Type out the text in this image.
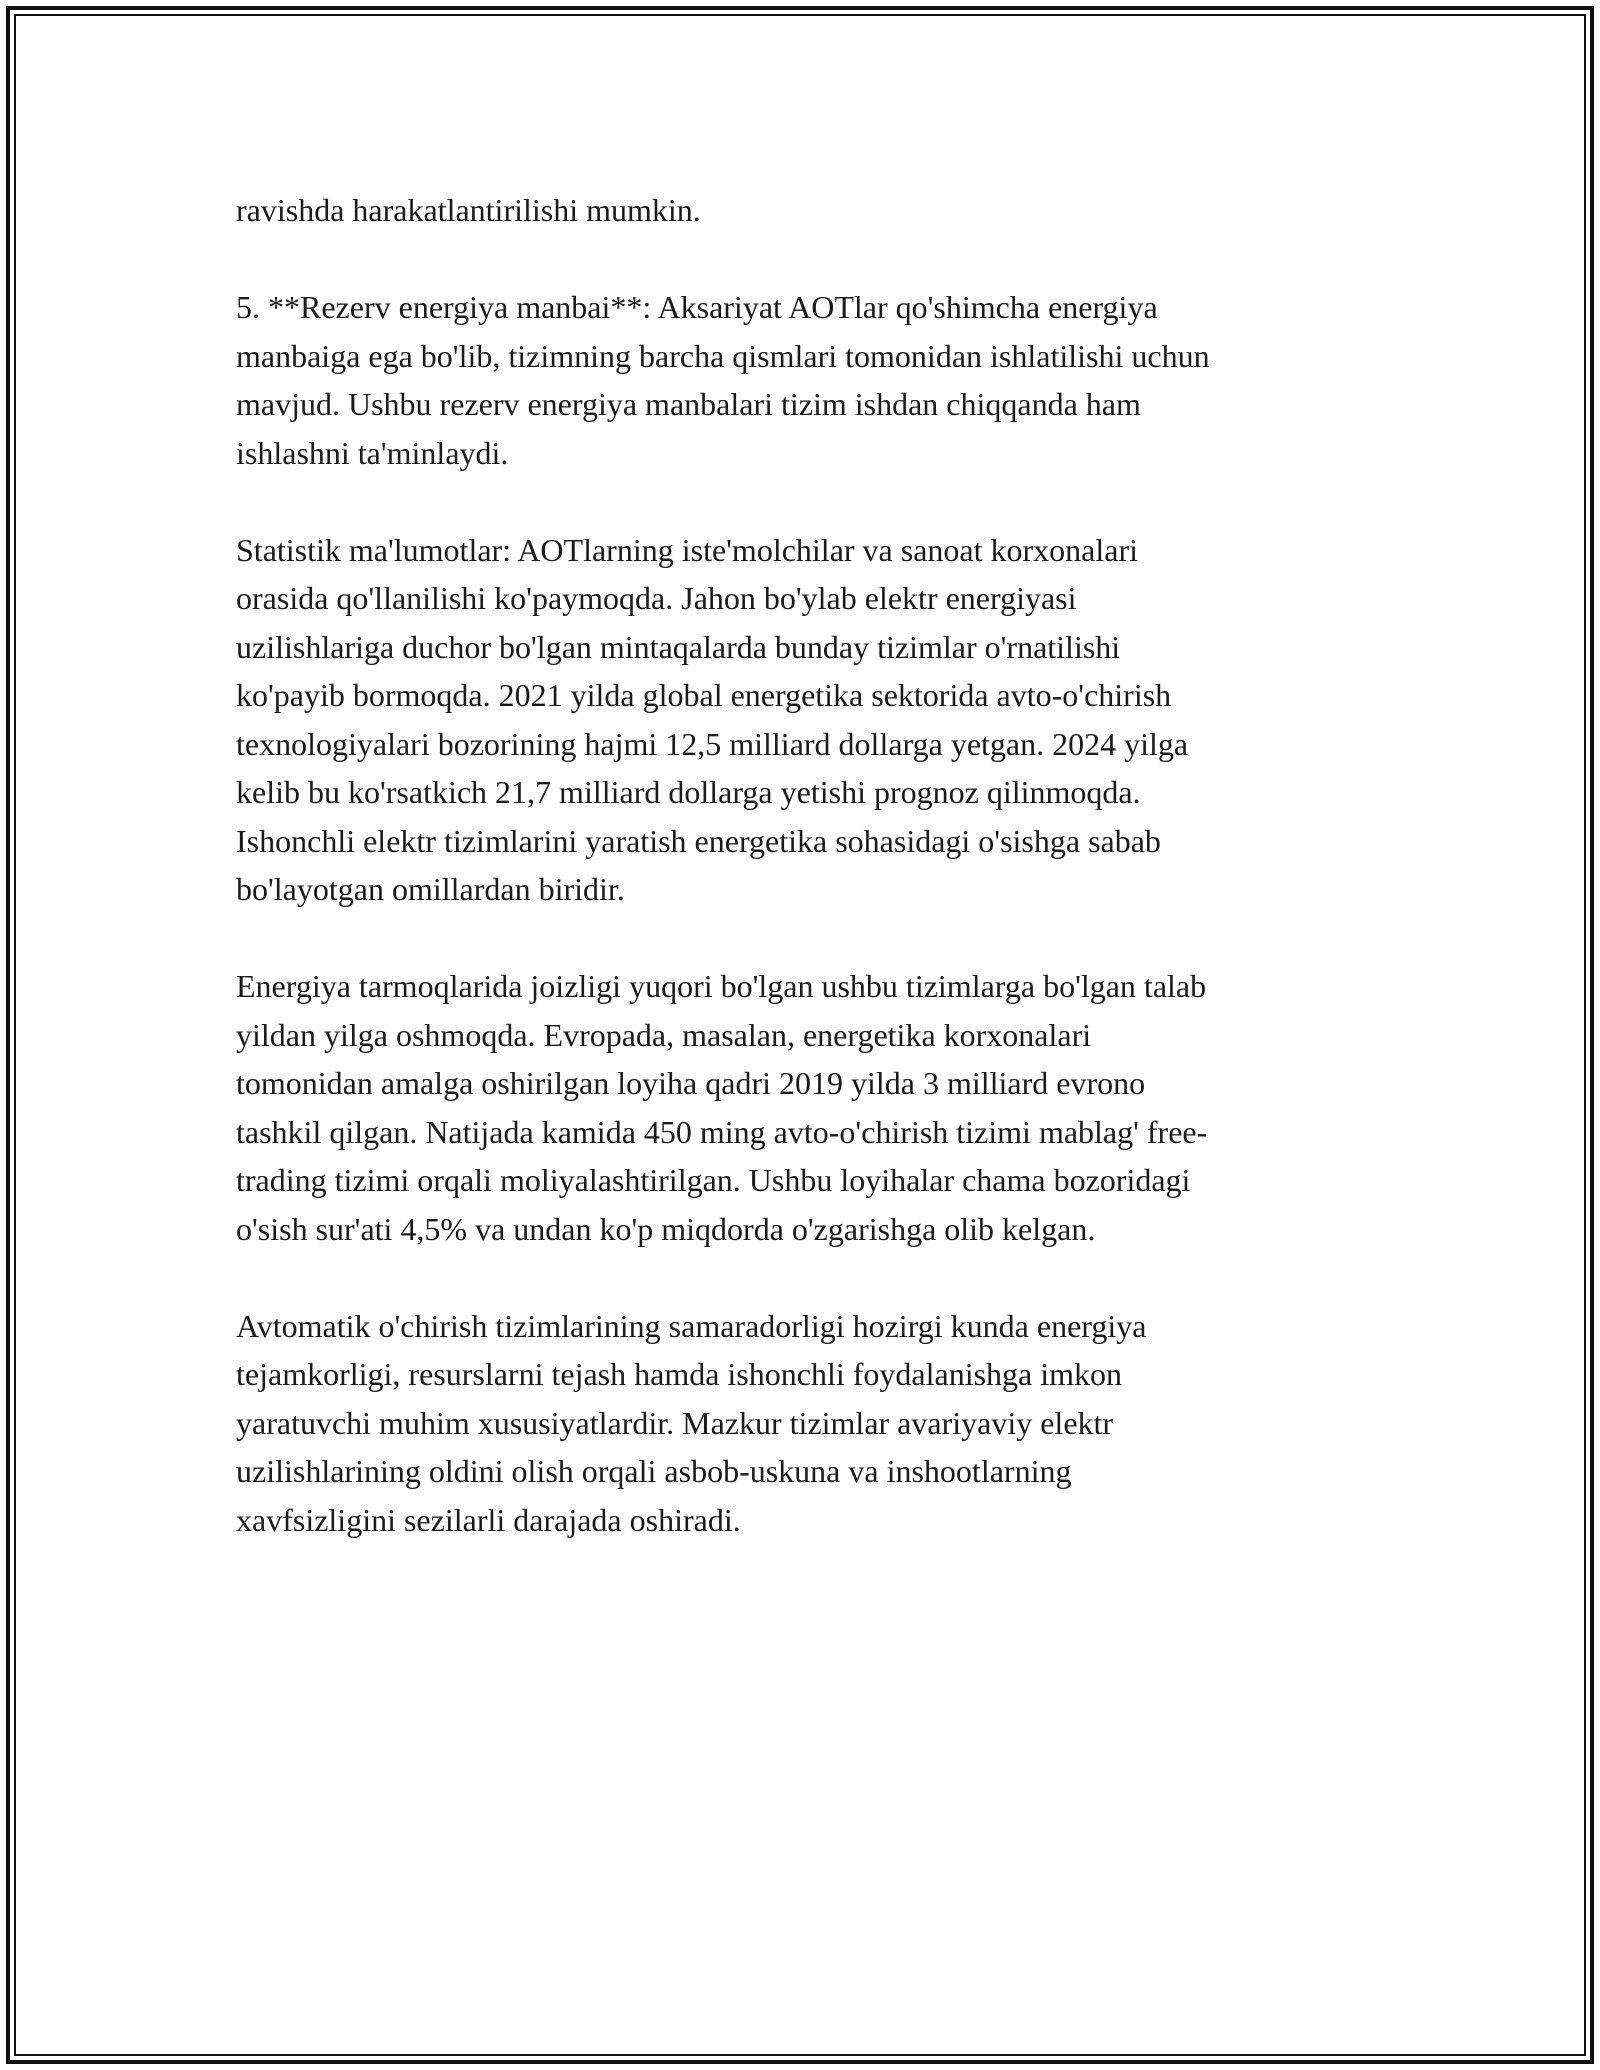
ravishda harakatlantirilishi mumkin.

5. **Rezerv energiya manbai**: Aksariyat AOTlar qo'shimcha energiya
manbaiga ega bo'lib, tizimning barcha qismlari tomonidan ishlatilishi uchun
mavjud. Ushbu rezerv energiya manbalari tizim ishdan chiqqanda ham
ishlashni ta'minlaydi.

Statistik ma'lumotlar: AOTlarning iste'molchilar va sanoat korxonalari
orasida qo'llanilishi ko'paymoqda. Jahon bo'ylab elektr energiyasi
uzilishlariga duchor bo'lgan mintaqalarda bunday tizimlar o'rnatilishi
ko'payib bormoqda. 2021 yilda global energetika sektorida avto-o'chirish
texnologiyalari bozorining hajmi 12,5 milliard dollarga yetgan. 2024 yilga
kelib bu ko'rsatkich 21,7 milliard dollarga yetishi prognoz qilinmoqda.
Ishonchli elektr tizimlarini yaratish energetika sohasidagi o'sishga sabab
bo'layotgan omillardan biridir.

Energiya tarmoqlarida joizligi yuqori bo'lgan ushbu tizimlarga bo'lgan talab
yildan yilga oshmoqda. Evropada, masalan, energetika korxonalari
tomonidan amalga oshirilgan loyiha qadri 2019 yilda 3 milliard evrono
tashkil qilgan. Natijada kamida 450 ming avto-o'chirish tizimi mablag' free-
trading tizimi orqali moliyalashtirilgan. Ushbu loyihalar chama bozoridagi
o'sish sur'ati 4,5% va undan ko'p miqdorda o'zgarishga olib kelgan.

Avtomatik o'chirish tizimlarining samaradorligi hozirgi kunda energiya
tejamkorligi, resurslarni tejash hamda ishonchli foydalanishga imkon
yaratuvchi muhim xususiyatlardir. Mazkur tizimlar avariyaviy elektr
uzilishlarining oldini olish orqali asbob-uskuna va inshootlarning
xavfsizligini sezilarli darajada oshiradi.
